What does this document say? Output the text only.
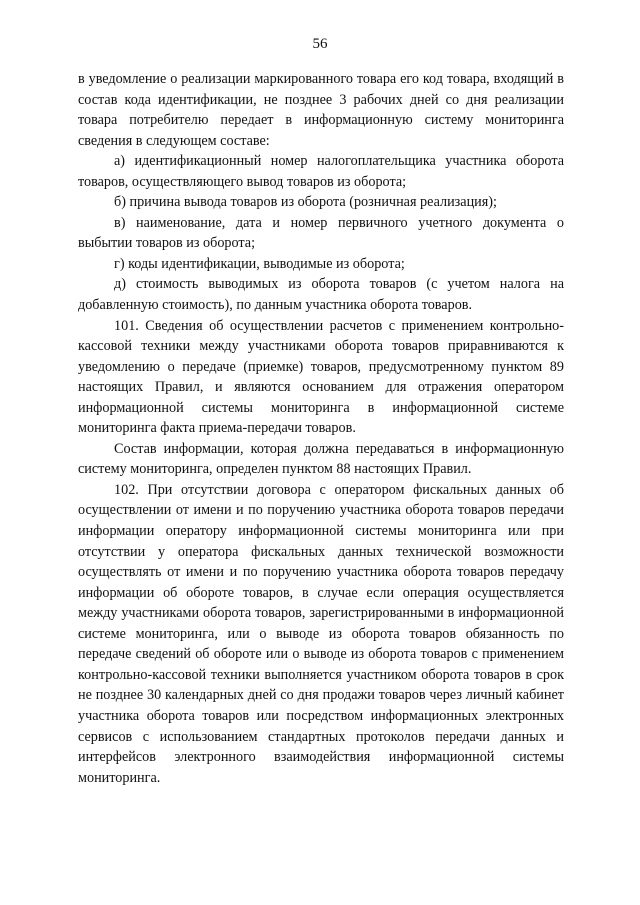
56

в уведомление о реализации маркированного товара его код товара, входящий в состав кода идентификации, не позднее 3 рабочих дней со дня реализации товара потребителю передает в информационную систему мониторинга сведения в следующем составе:

а) идентификационный номер налогоплательщика участника оборота товаров, осуществляющего вывод товаров из оборота;

б) причина вывода товаров из оборота (розничная реализация);

в) наименование, дата и номер первичного учетного документа о выбытии товаров из оборота;

г) коды идентификации, выводимые из оборота;

д) стоимость выводимых из оборота товаров (с учетом налога на добавленную стоимость), по данным участника оборота товаров.

101. Сведения об осуществлении расчетов с применением контрольно-кассовой техники между участниками оборота товаров приравниваются к уведомлению о передаче (приемке) товаров, предусмотренному пунктом 89 настоящих Правил, и являются основанием для отражения оператором информационной системы мониторинга в информационной системе мониторинга факта приема-передачи товаров.

Состав информации, которая должна передаваться в информационную систему мониторинга, определен пунктом 88 настоящих Правил.

102. При отсутствии договора с оператором фискальных данных об осуществлении от имени и по поручению участника оборота товаров передачи информации оператору информационной системы мониторинга или при отсутствии у оператора фискальных данных технической возможности осуществлять от имени и по поручению участника оборота товаров передачу информации об обороте товаров, в случае если операция осуществляется между участниками оборота товаров, зарегистрированными в информационной системе мониторинга, или о выводе из оборота товаров обязанность по передаче сведений об обороте или о выводе из оборота товаров с применением контрольно-кассовой техники выполняется участником оборота товаров в срок не позднее 30 календарных дней со дня продажи товаров через личный кабинет участника оборота товаров или посредством информационных электронных сервисов с использованием стандартных протоколов передачи данных и интерфейсов электронного взаимодействия информационной системы мониторинга.
